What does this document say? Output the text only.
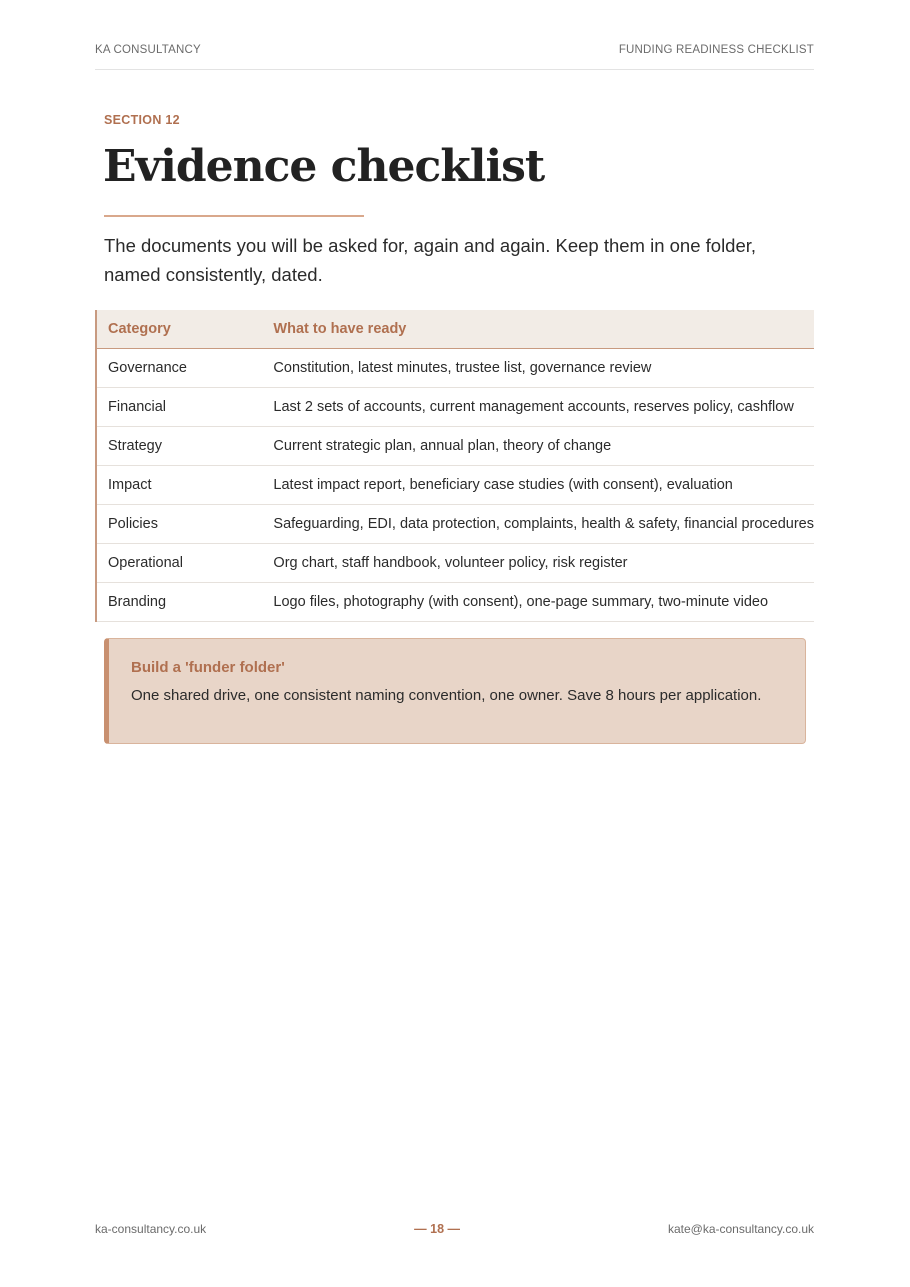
KA CONSULTANCY	FUNDING READINESS CHECKLIST
SECTION 12
Evidence checklist

The documents you will be asked for, again and again. Keep them in one folder, named consistently, dated.

Category	What to have ready
Governance	Constitution, latest minutes, trustee list, governance review
Financial	Last 2 sets of accounts, current management accounts, reserves policy, cashflow
Strategy	Current strategic plan, annual plan, theory of change
Impact	Latest impact report, beneficiary case studies (with consent), evaluation
Policies	Safeguarding, EDI, data protection, complaints, health & safety, financial procedures
Operational	Org chart, staff handbook, volunteer policy, risk register
Branding	Logo files, photography (with consent), one-page summary, two-minute video
Build a 'funder folder'

One shared drive, one consistent naming convention, one owner. Save 8 hours per application.

ka-consultancy.co.uk	— 18 —	kate@ka-consultancy.co.uk
